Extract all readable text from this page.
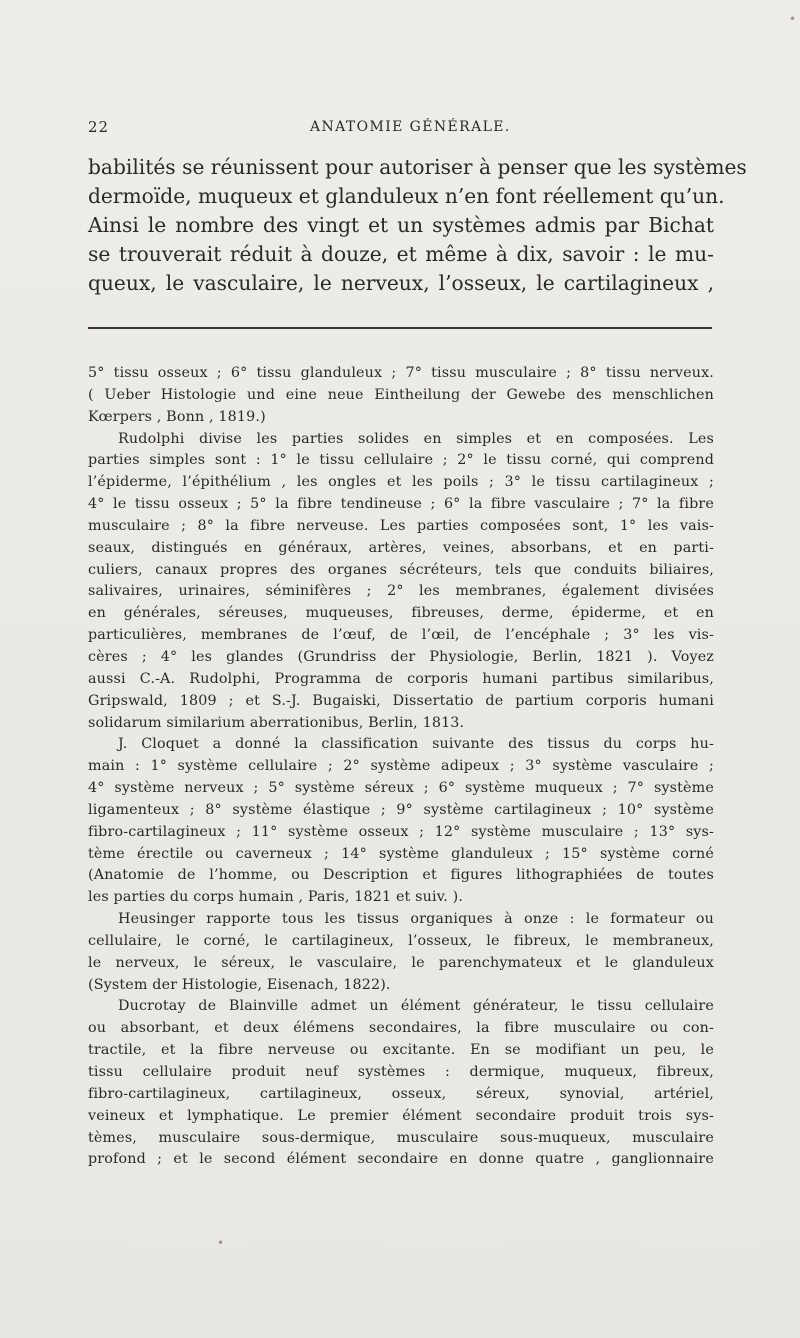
22	ANATOMIE GÉNÉRALE.
babilités se réunissent pour autoriser à penser que les systèmes
dermoïde, muqueux et glanduleux n’en font réellement qu’un.
Ainsi le nombre des vingt et un systèmes admis par Bichat
se trouverait réduit à douze, et même à dix, savoir : le mu-
queux, le vasculaire, le nerveux, l’osseux, le cartilagineux ,
5° tissu osseux ; 6° tissu glanduleux ; 7° tissu musculaire ; 8° tissu nerveux.
( Ueber Histologie und eine neue Eintheilung der Gewebe des menschlichen
Kœrpers , Bonn , 1819.)
Rudolphi divise les parties solides en simples et en composées. Les
parties simples sont : 1° le tissu cellulaire ; 2° le tissu corné, qui comprend
l’épiderme, l’épithélium , les ongles et les poils ; 3° le tissu cartilagineux ;
4° le tissu osseux ; 5° la fibre tendineuse ; 6° la fibre vasculaire ; 7° la fibre
musculaire ; 8° la fibre nerveuse. Les parties composées sont, 1° les vais-
seaux, distingués en généraux, artères, veines, absorbans, et en parti-
culiers, canaux propres des organes sécréteurs, tels que conduits biliaires,
salivaires, urinaires, séminifères ; 2° les membranes, également divisées
en générales, séreuses, muqueuses, fibreuses, derme, épiderme, et en
particulières, membranes de l’œuf, de l’œil, de l’encéphale ; 3° les vis-
cères ; 4° les glandes (Grundriss der Physiologie, Berlin, 1821 ). Voyez
aussi C.-A. Rudolphi, Programma de corporis humani partibus similaribus,
Gripswald, 1809 ; et S.-J. Bugaiski, Dissertatio de partium corporis humani
solidarum similarium aberrationibus, Berlin, 1813.
J. Cloquet a donné la classification suivante des tissus du corps hu-
main : 1° système cellulaire ; 2° système adipeux ; 3° système vasculaire ;
4° système nerveux ; 5° système séreux ; 6° système muqueux ; 7° système
ligamenteux ; 8° système élastique ; 9° système cartilagineux ; 10° système
fibro-cartilagineux ; 11° système osseux ; 12° système musculaire ; 13° sys-
tème érectile ou caverneux ; 14° système glanduleux ; 15° système corné
(Anatomie de l’homme, ou Description et figures lithographiées de toutes
les parties du corps humain , Paris, 1821 et suiv. ).
Heusinger rapporte tous les tissus organiques à onze : le formateur ou
cellulaire, le corné, le cartilagineux, l’osseux, le fibreux, le membraneux,
le nerveux, le séreux, le vasculaire, le parenchymateux et le glanduleux
(System der Histologie, Eisenach, 1822).
Ducrotay de Blainville admet un élément générateur, le tissu cellulaire
ou absorbant, et deux élémens secondaires, la fibre musculaire ou con-
tractile, et la fibre nerveuse ou excitante. En se modifiant un peu, le
tissu cellulaire produit neuf systèmes : dermique, muqueux, fibreux,
fibro-cartilagineux, cartilagineux, osseux, séreux, synovial, artériel,
veineux et lymphatique. Le premier élément secondaire produit trois sys-
tèmes, musculaire sous-dermique, musculaire sous-muqueux, musculaire
profond ; et le second élément secondaire en donne quatre , ganglionnaire
•
•
